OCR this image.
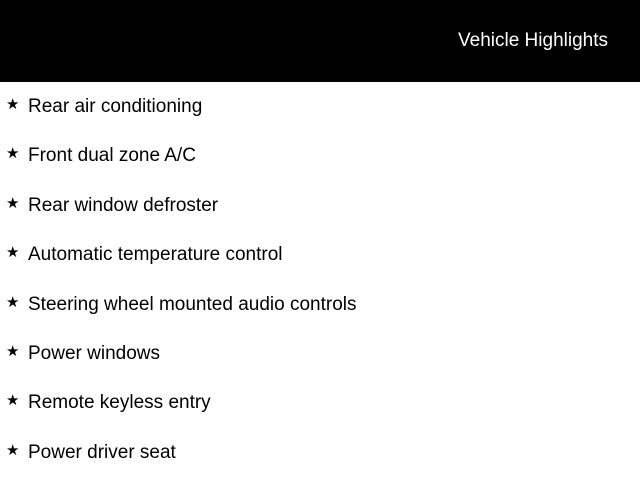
Vehicle Highlights
★ Rear air conditioning
★ Front dual zone A/C
★ Rear window defroster
★ Automatic temperature control
★ Steering wheel mounted audio controls
★ Power windows
★ Remote keyless entry
★ Power driver seat
